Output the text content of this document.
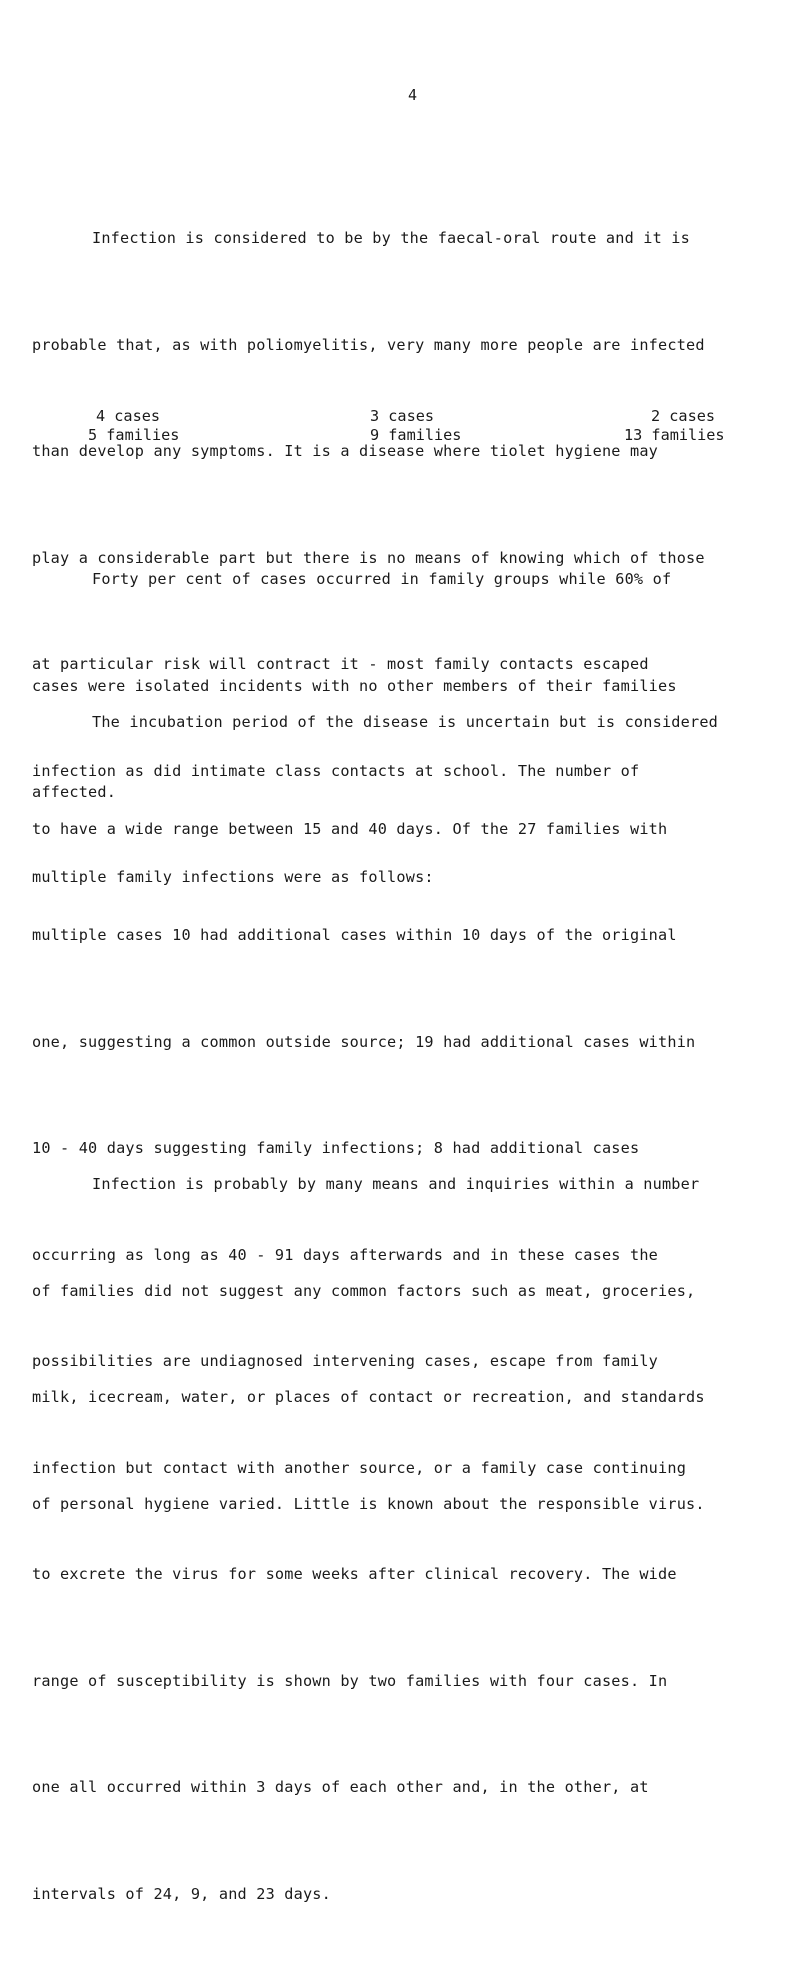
4

Infection is considered to be by the faecal-oral route and it is

probable that, as with poliomyelitis, very many more people are infected

than develop any symptoms. It is a disease where tiolet hygiene may

play a considerable part but there is no means of knowing which of those

at particular risk will contract it - most family contacts escaped

infection as did intimate class contacts at school. The number of

multiple family infections were as follows:

4 cases
5 families
3 cases
9 families
2 cases
13 families

Forty per cent of cases occurred in family groups while 60% of

cases were isolated incidents with no other members of their families

affected.

The incubation period of the disease is uncertain but is considered

to have a wide range between 15 and 40 days. Of the 27 families with

multiple cases 10 had additional cases within 10 days of the original

one, suggesting a common outside source; 19 had additional cases within

10 - 40 days suggesting family infections; 8 had additional cases

occurring as long as 40 - 91 days afterwards and in these cases the

possibilities are undiagnosed intervening cases, escape from family

infection but contact with another source, or a family case continuing

to excrete the virus for some weeks after clinical recovery. The wide

range of susceptibility is shown by two families with four cases. In

one all occurred within 3 days of each other and, in the other, at

intervals of 24, 9, and 23 days.

Infection is probably by many means and inquiries within a number

of families did not suggest any common factors such as meat, groceries,

milk, icecream, water, or places of contact or recreation, and standards

of personal hygiene varied. Little is known about the responsible virus.
